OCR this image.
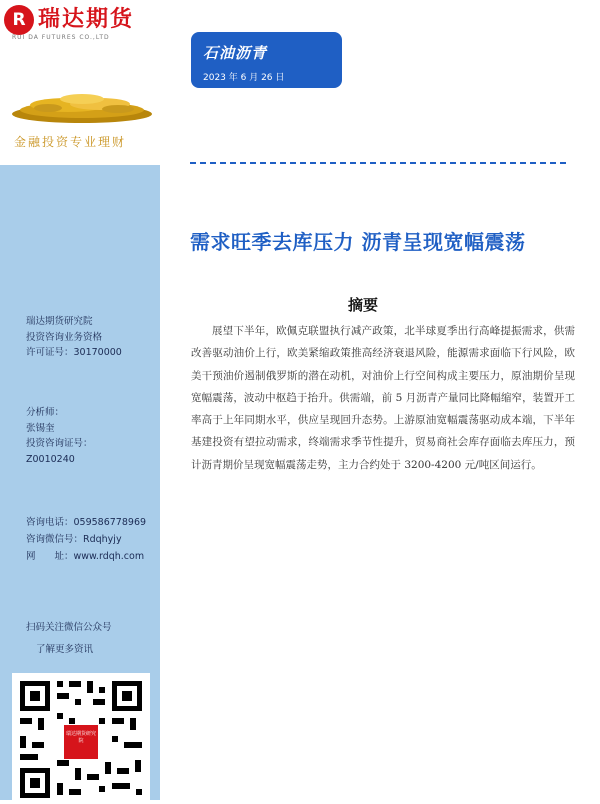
R 瑞达期货
RUI DA FUTURES CO.,LTD
金融投资专业理财
瑞达期货研究院
投资咨询业务资格
许可证号：30170000
分析师：
张锡奎
投资咨询证号：
Z0010240
咨询电话：059586778969
咨询微信号：Rdqhyjy
网　　址：www.rdqh.com
扫码关注微信公众号
了解更多资讯
瑞达期货研究院
石油沥青
2023 年 6 月 26 日
需求旺季去库压力 沥青呈现宽幅震荡
摘要
展望下半年，欧佩克联盟执行减产政策，北半球夏季出行高峰提振需求，供需改善驱动油价上行，欧美紧缩政策推高经济衰退风险，能源需求面临下行风险，欧美干预油价遏制俄罗斯的潜在动机，对油价上行空间构成主要压力，原油期价呈现宽幅震荡，波动中枢趋于抬升。供需端，前 5 月沥青产量同比降幅缩窄，装置开工率高于上年同期水平，供应呈现回升态势。上游原油宽幅震荡驱动成本端，下半年基建投资有望拉动需求，终端需求季节性提升，贸易商社会库存面临去库压力，预计沥青期价呈现宽幅震荡走势，主力合约处于 3200-4200 元/吨区间运行。
